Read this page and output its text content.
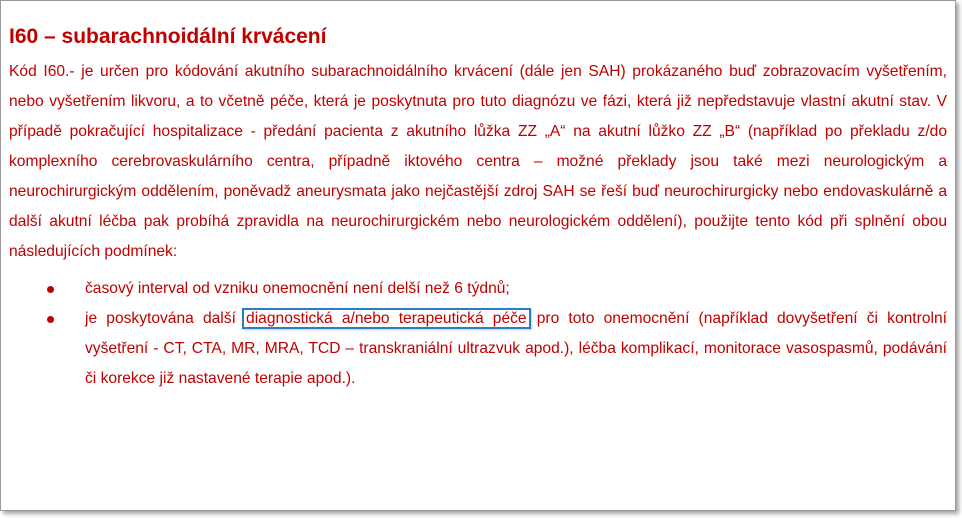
I60 – subarachnoidální krvácení

Kód I60.- je určen pro kódování akutního subarachnoidálního krvácení (dále jen SAH) prokázaného buď zobrazovacím vyšetřením, nebo vyšetřením likvoru, a to včetně péče, která je poskytnuta pro tuto diagnózu ve fázi, která již nepředstavuje vlastní akutní stav. V případě pokračující hospitalizace - předání pacienta z akutního lůžka ZZ „A“ na akutní lůžko ZZ „B“ (například po překladu z/do komplexního cerebrovaskulárního centra, případně iktového centra – možné překlady jsou také mezi neurologickým a neurochirurgickým oddělením, poněvadž aneurysmata jako nejčastější zdroj SAH se řeší buď neurochirurgicky nebo endovaskulárně a další akutní léčba pak probíhá zpravidla na neurochirurgickém nebo neurologickém oddělení), použijte tento kód při splnění obou následujících podmínek:

časový interval od vzniku onemocnění není delší než 6 týdnů;
je poskytována další diagnostická a/nebo terapeutická péče pro toto onemocnění (například dovyšetření či kontrolní vyšetření - CT, CTA, MR, MRA, TCD – transkraniální ultrazvuk apod.), léčba komplikací, monitorace vasospasmů, podávání či korekce již nastavené terapie apod.).
